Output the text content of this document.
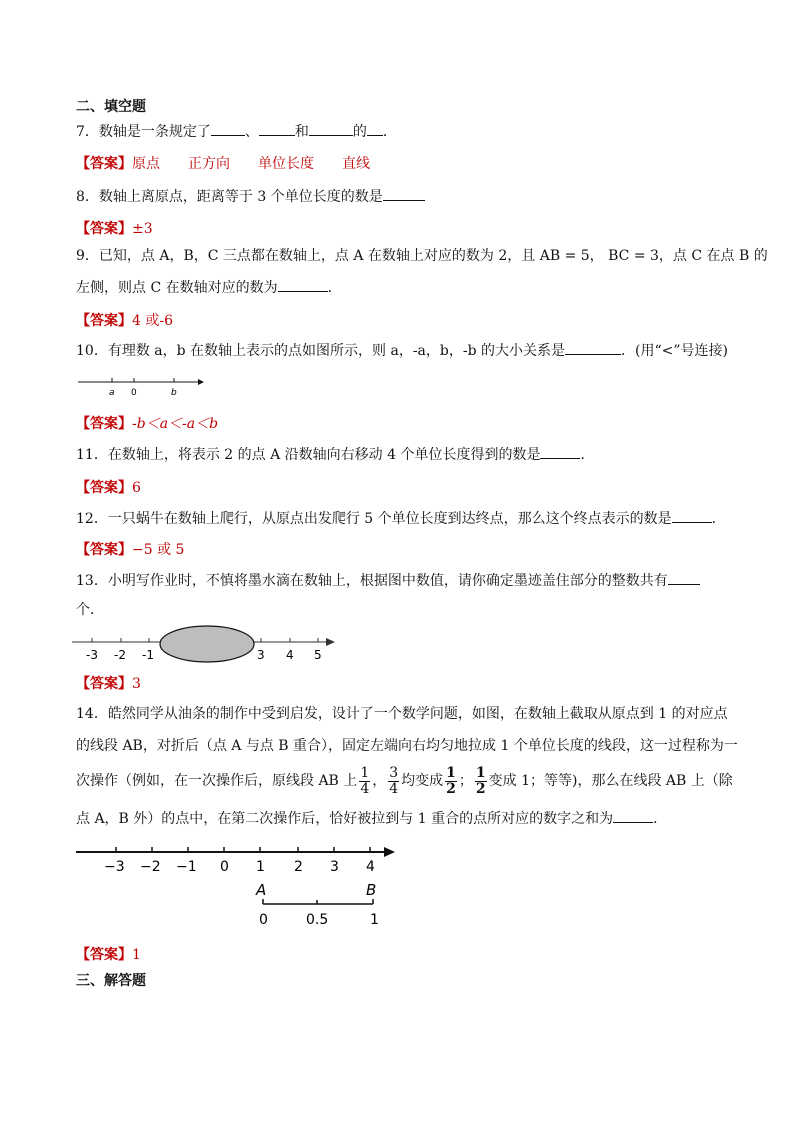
二、填空题
7．数轴是一条规定了 、	和	的 ．
【答案】原点　　正方向　　单位长度　　直线
8．数轴上离原点，距离等于 3 个单位长度的数是
【答案】±3
9．已知，点 A，B，C 三点都在数轴上，点 A 在数轴上对应的数为 2，且 AB = 5， BC = 3，点 C 在点 B 的
左侧，则点 C 在数轴对应的数为	．
【答案】4 或-6
10．有理数 a，b 在数轴上表示的点如图所示，则 a，-a，b，-b 的大小关系是	．(用“<”号连接)
a 0	b
【答案】-b＜a＜-a＜b
11．在数轴上，将表示 2 的点 A 沿数轴向右移动 4 个单位长度得到的数是	．
【答案】6
12．一只蜗牛在数轴上爬行，从原点出发爬行 5 个单位长度到达终点，那么这个终点表示的数是	．
【答案】−5 或 5
13．小明写作业时，不慎将墨水滴在数轴上，根据图中数值，请你确定墨迹盖住部分的整数共有
个．
-3 -2 -1	3 4 5
【答案】3
14．皓然同学从油条的制作中受到启发，设计了一个数学问题，如图，在数轴上截取从原点到 1 的对应点
的线段 AB，对折后（点 A 与点 B 重合），固定左端向右均匀地拉成 1 个单位长度的线段，这一过程称为一
次操作（例如，在一次操作后，原线段 AB 上 $\frac{1}{4}$ ， $\frac{3}{4}$ 均变成 $\frac{1}{2}$ ； $\frac{1}{2}$ 变成 1；等等)，那么在线段 AB 上（除
点 A，B 外）的点中，在第二次操作后，恰好被拉到与 1 重合的点所对应的数字之和为	．
−3 −2 −1 0 1 2 3 4
A	B
0	0.5	1
【答案】1
三、解答题
